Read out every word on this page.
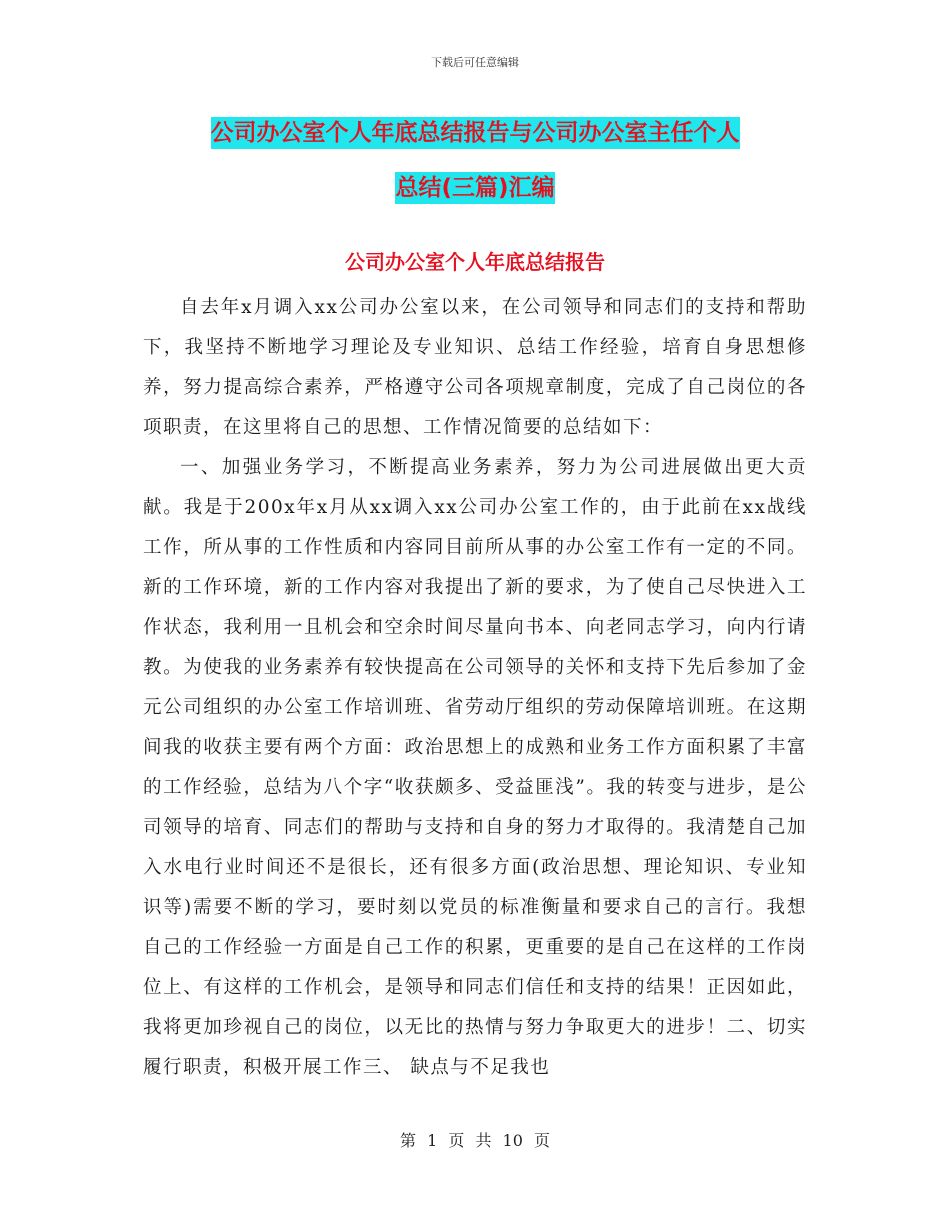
下载后可任意编辑
公司办公室个人年底总结报告与公司办公室主任个人
总结(三篇)汇编
公司办公室个人年底总结报告

自去年x月调入xx公司办公室以来，在公司领导和同志们的支持和帮助下，我坚持不断地学习理论及专业知识、总结工作经验，培育自身思想修养，努力提高综合素养，严格遵守公司各项规章制度，完成了自己岗位的各项职责，在这里将自己的思想、工作情况简要的总结如下：

一、加强业务学习，不断提高业务素养，努力为公司进展做出更大贡献。我是于200x年x月从xx调入xx公司办公室工作的，由于此前在xx战线工作，所从事的工作性质和内容同目前所从事的办公室工作有一定的不同。新的工作环境，新的工作内容对我提出了新的要求，为了使自己尽快进入工作状态，我利用一且机会和空余时间尽量向书本、向老同志学习，向内行请教。为使我的业务素养有较快提高在公司领导的关怀和支持下先后参加了金元公司组织的办公室工作培训班、省劳动厅组织的劳动保障培训班。在这期间我的收获主要有两个方面：政治思想上的成熟和业务工作方面积累了丰富的工作经验，总结为八个字“收获颇多、受益匪浅”。我的转变与进步，是公司领导的培育、同志们的帮助与支持和自身的努力才取得的。我清楚自己加入水电行业时间还不是很长，还有很多方面(政治思想、理论知识、专业知识等)需要不断的学习，要时刻以党员的标准衡量和要求自己的言行。我想自己的工作经验一方面是自己工作的积累，更重要的是自己在这样的工作岗位上、有这样的工作机会，是领导和同志们信任和支持的结果！正因如此，我将更加珍视自己的岗位，以无比的热情与努力争取更大的进步！二、切实履行职责，积极开展工作三、 缺点与不足我也

第 1 页 共 10 页
